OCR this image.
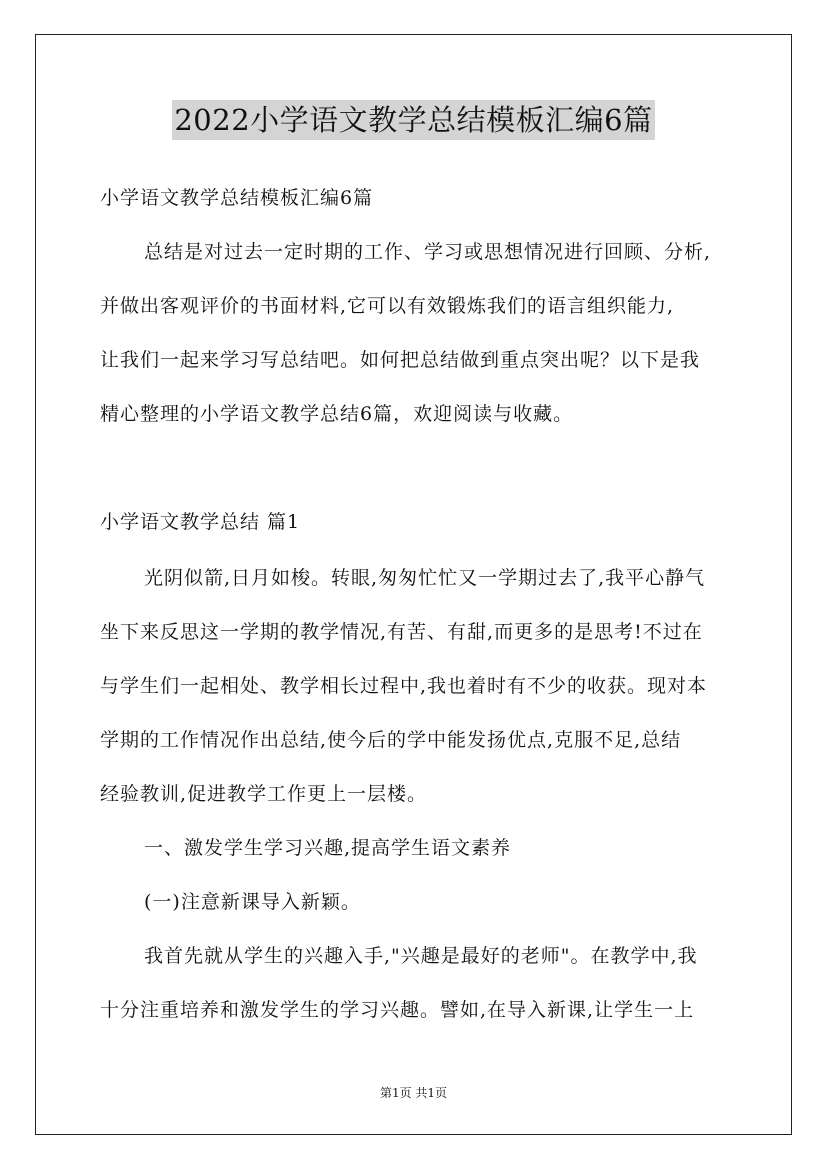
2022小学语文教学总结模板汇编6篇
小学语文教学总结模板汇编6篇
总结是对过去一定时期的工作、学习或思想情况进行回顾、分析,
并做出客观评价的书面材料,它可以有效锻炼我们的语言组织能力,
让我们一起来学习写总结吧。如何把总结做到重点突出呢？以下是我
精心整理的小学语文教学总结6篇，欢迎阅读与收藏。
小学语文教学总结 篇1
光阴似箭,日月如梭。转眼,匆匆忙忙又一学期过去了,我平心静气
坐下来反思这一学期的教学情况,有苦、有甜,而更多的是思考!不过在
与学生们一起相处、教学相长过程中,我也着时有不少的收获。现对本
学期的工作情况作出总结,使今后的学中能发扬优点,克服不足,总结
经验教训,促进教学工作更上一层楼。
一、激发学生学习兴趣,提高学生语文素养
(一)注意新课导入新颖。
我首先就从学生的兴趣入手,"兴趣是最好的老师"。在教学中,我
十分注重培养和激发学生的学习兴趣。譬如,在导入新课,让学生一上
第1页 共1页
